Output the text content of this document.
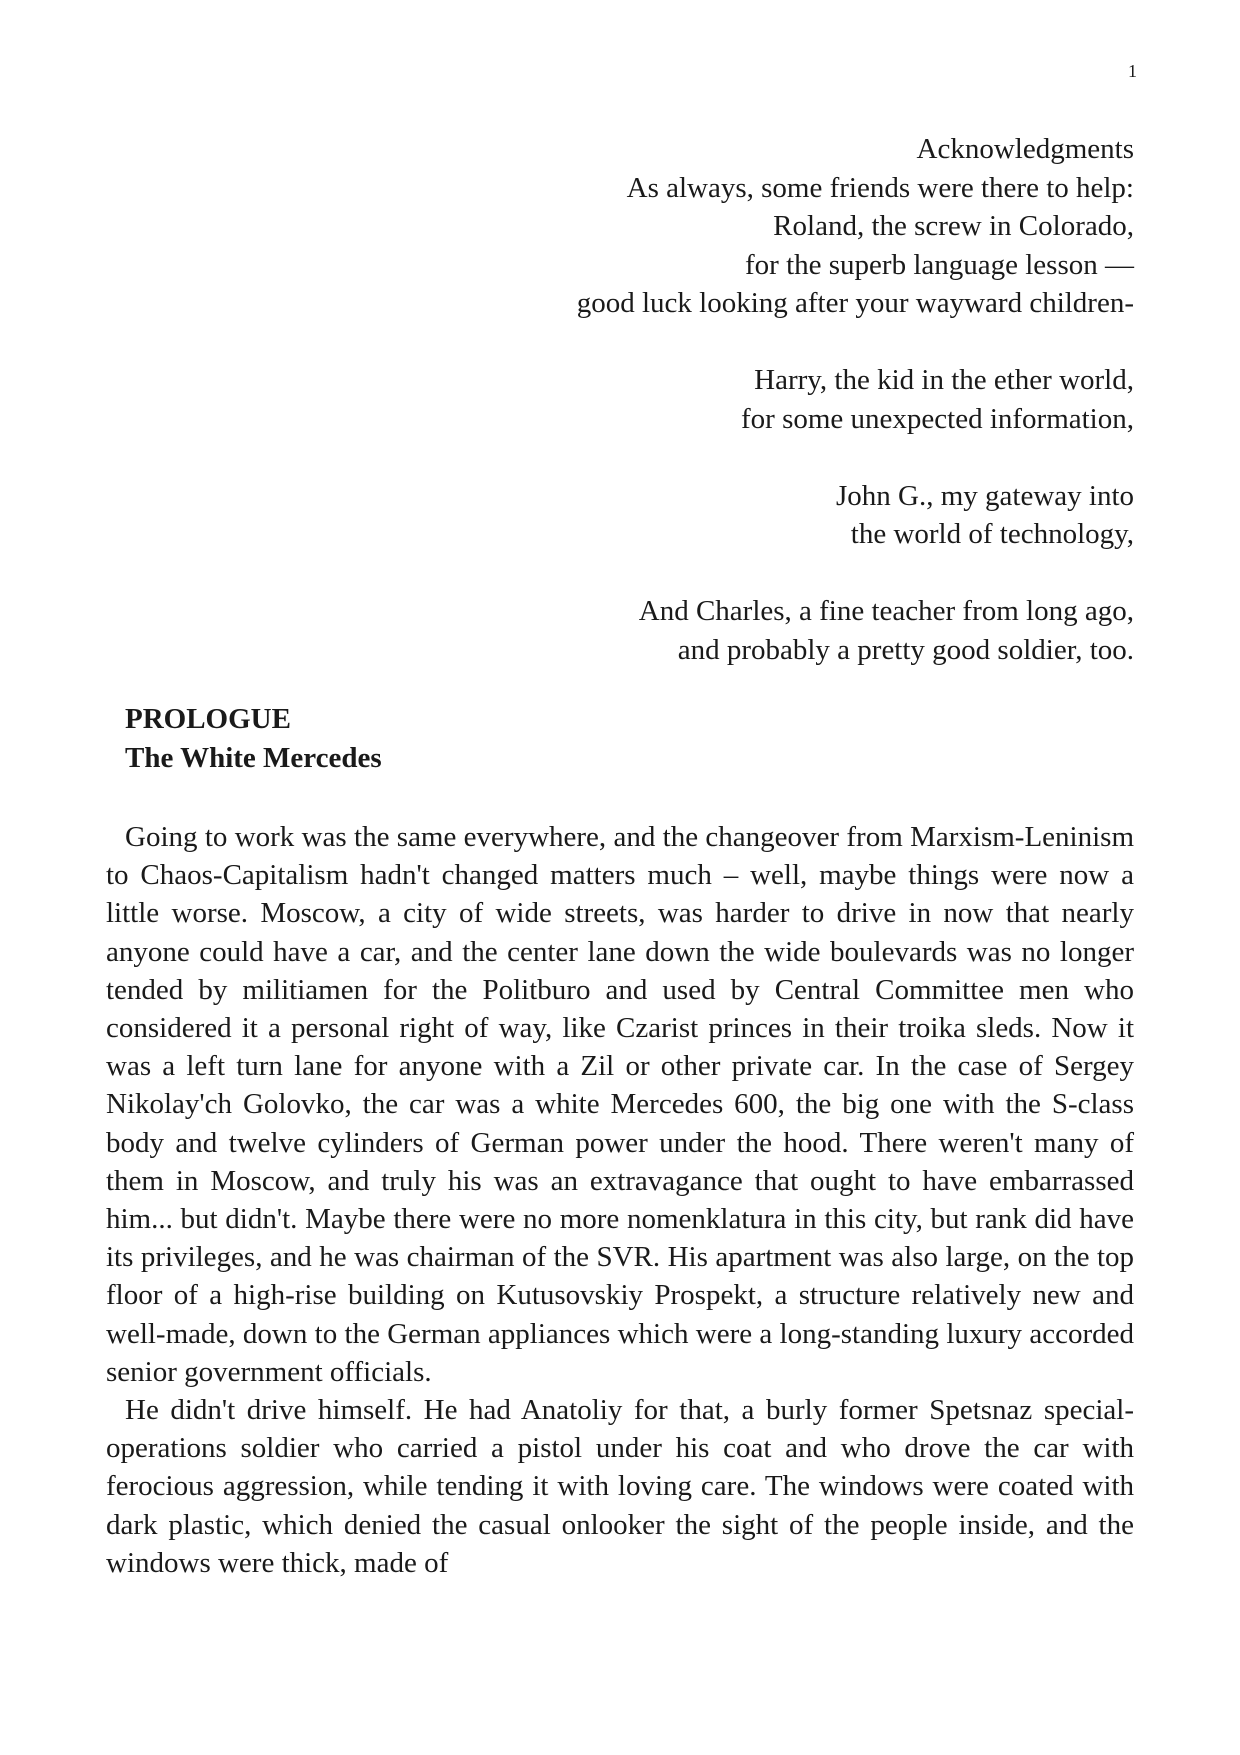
1
Acknowledgments
As always, some friends were there to help:
Roland, the screw in Colorado,
for the superb language lesson —
good luck looking after your wayward children-
Harry, the kid in the ether world,
for some unexpected information,
John G., my gateway into
the world of technology,
And Charles, a fine teacher from long ago,
and probably a pretty good soldier, too.
PROLOGUE
The White Mercedes

Going to work was the same everywhere, and the changeover from Marxism-Leninism to Chaos-Capitalism hadn't changed matters much – well, maybe things were now a little worse. Moscow, a city of wide streets, was harder to drive in now that nearly anyone could have a car, and the center lane down the wide boulevards was no longer tended by militiamen for the Politburo and used by Central Committee men who considered it a personal right of way, like Czarist princes in their troika sleds. Now it was a left turn lane for anyone with a Zil or other private car. In the case of Sergey Nikolay'ch Golovko, the car was a white Mercedes 600, the big one with the S-class body and twelve cylinders of German power under the hood. There weren't many of them in Moscow, and truly his was an extravagance that ought to have embarrassed him... but didn't. Maybe there were no more nomenklatura in this city, but rank did have its privileges, and he was chairman of the SVR. His apartment was also large, on the top floor of a high-rise building on Kutusovskiy Prospekt, a structure relatively new and well-made, down to the German appliances which were a long-standing luxury accorded senior government officials.

He didn't drive himself. He had Anatoliy for that, a burly former Spetsnaz special-operations soldier who carried a pistol under his coat and who drove the car with ferocious aggression, while tending it with loving care. The windows were coated with dark plastic, which denied the casual onlooker the sight of the people inside, and the windows were thick, made of
